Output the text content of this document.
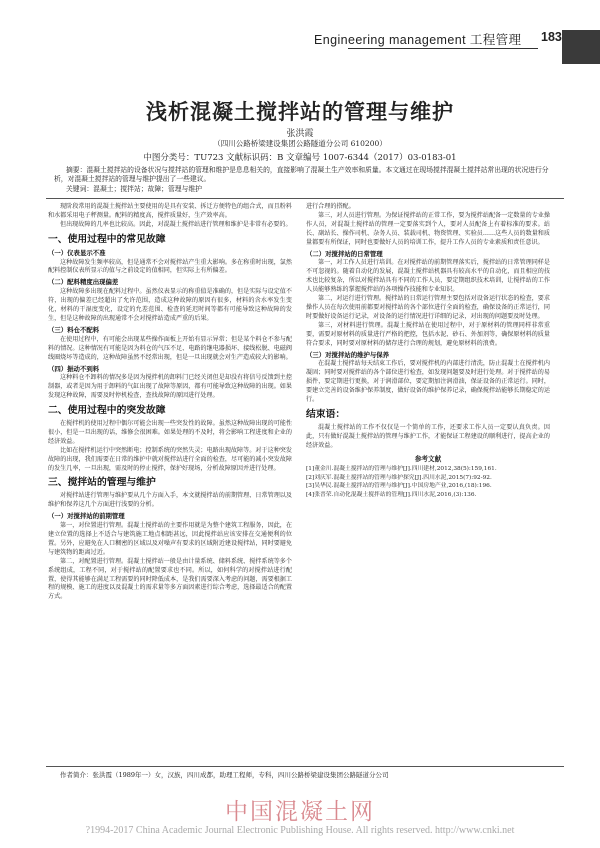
Engineering management 工程管理 183
浅析混凝土搅拌站的管理与维护
张洪霞
（四川公路桥梁建设集团公路隧道分公司 610200）
中图分类号：TU723 文献标识码：B 文章编号 1007-6344（2017）03-0183-01
摘要：混凝土搅拌站的设备状况与搅拌站的管理和维护是息息相关的，直接影响了混凝土生产效率和质量。本文通过在现场搅拌混凝土搅拌站常出现的状况进行分析，对混凝土搅拌站的管理与维护提出了一些建议。
关键词：混凝土；搅拌站；故障；管理与维护

现阶段常用的混凝土搅拌站主要使用的是具有安装、拆迁方便特色的组合式，而且粉料和水都采用电子秤测量。配料的精度高，搅拌质量好，生产效率高。

但出现故障的几率也比较高。因此，对混凝土搅拌站进行管理和维护是非常有必要的。

一、使用过程中的常见故障
（一）仪表显示不准

这种故障发生频率较高，但是通常不会对搅拌站产生重大影响。多在称重时出现，氯然配料控制仪表所显示的值与之前设定的值相同，但实际上有所偏差。

（二）配料精度出现偏差

这种故障多出现在配料过程中。虽然仪表显示的称重值是准确的，但是实际与设定值不符，出现的偏差已经超出了允许范围，造成这种故障的原因有很多，材料的含水率发生变化，材料的干湿度变化，设定的允差范围、检查的延迟时间等都有可能导致这种故障的发生，但是这种故障的出现通常不会对搅拌站造成严重的后果。

（三）料仓不配料

在使用过程中，有可能会出现某些操作面板上开始有显示异常；但是某个料仓不参与配料的情况。这种情况有可能是因为料仓的气压不足、电路的继电器损坏、接线松脱、电磁阀线圈烧坏等造成的，这种故障虽然不经常出现，但是一旦出现就会对生产造成较大的影响。

（四）振动不到料

这种料仓不卸料的情况多是因为搅拌机的卸料门已经关闭但是却没有将信号反馈到主控制器，或者是因为用于卸料的气缸出现了故障等原因，都有可能导致这种故障的出现。如果发现这种故障，需要及时停机检查，查找故障的原因进行处理。

二、使用过程中的突发故障

在搅拌机的使用过程中偶尔可能会出现一些突发性的故障。虽然这种故障出现的可能性很小，但是一旦出现的话，维修会很困难。如果处理的不及时，将会影响工程进度和企业的经济效益。

比如在搅拌机运行中突然断电；控制系统的突然失灵；电路出现故障等。对于这种突发故障的出现，我们需要在日常的维护中就对搅拌站进行全面的检查，尽可能的减小突发故障的发生几率，一旦出现，需及时的停止搅拌，保护好现场，分析故障原因并进行处理。

三、搅拌站的管理与维护

对搅拌站进行管理与维护要从几个方面入手，本文就搅拌站的前期管理、日常管理以及维护和保养这几个方面进行浅要的分析。

（一）对搅拌站的前期管理

第一，对位置进行管理。混凝土搅拌站的主要作用就是为整个建筑工程服务，因此，在建立位置的选择上不适合与建筑施工地点相距甚远，因此搅拌站应该安排在交通便利的位置。另外，应避免在人口稠密的区域以及对噪声有要求的区域附近建设搅拌站，同时要避免与建筑物的距离过近。

第二，对配置进行管理。混凝土搅拌站一般是由计量系统、储料系统、搅拌系统等多个系统组成，工程不同，对于搅拌站的配置要求也不同。所以，如何科学的对搅拌站进行配置，使得其能够在满足工程需要的同时降低成本，是我们需要深入考虑的问题，需要根据工程的规模、施工的进度以及混凝土的需求量等多方面因素进行综合考虑，选择最适合的配置方式。

进行合理的搭配。

第三，对人员进行管理。为保证搅拌站的正常工作，要为搅拌站配备一定数量的专业操作人员，对混凝土搅拌站的管理一定要落实到个人，要对人员配备上有着标准的要求。站长、副站长、操作司机、杂务人员、装载司机、物资管理、实验员……这些人员的数量和质量都要有所保证，同时也要做好人员的培训工作，提升工作人员的专业素质和责任意识。

（二）对搅拌站的日常管理

第一，对工作人员进行培训。在对搅拌站的前期管理落实后，搅拌站的日常管理同样是不可忽视的。随着自动化的发展，混凝土搅拌站机器具有较高水平的自动化，而且相应的技术也比较复杂，所以对搅拌站具有不同的工作人员，要定期组织技术培训，让搅拌站的工作人员能够熟练的掌握搅拌站的各项操作技能和专业知识。

第二，对运行进行管理。搅拌站的日常运行管理主要包括对设备运行状态的检查，要求操作人员在每次使用前都要对搅拌站的各个部位进行全面的检查，确保设备的正常运行，同时要做好设备运行记录，对设备的运行情况进行详细的记录，对出现的问题要及时处理。

第三，对材料进行管理。混凝土搅拌站在使用过程中，对于原材料的管理同样非常重要，需要对原材料的质量进行严格的把控，包括水泥、砂石、外加剂等，确保原材料的质量符合要求，同时要对原材料的储存进行合理的规划，避免原材料的浪费。

（三）对搅拌站的维护与保养

在混凝土搅拌站每天结束工作后，要对搅拌机的内部进行清洗，防止混凝土在搅拌机内凝固；同时要对搅拌站的各个部位进行检查，如发现问题要及时进行处理。对于搅拌站的易损件，要定期进行更换，对于润滑部位，要定期加注润滑油，保证设备的正常运行。同时，要建立完善的设备维护保养制度，做好设备的维护保养记录，确保搅拌站能够长期稳定的运行。

结束语：

混凝土搅拌站的工作不仅仅是一个简单的工作，还要求工作人员一定要认真负责。因此，只有做好混凝土搅拌站的管理与维护工作，才能保证工程建设的顺利进行，提高企业的经济效益。

参考文献

[1]董金川.混凝土搅拌站的管理与维护[J].四川建材,2012,38(5):159,161.

[2]刘庆军.混凝土搅拌站的管理与维护探究[J].四川水泥,2015(7):92-92.

[3]吴华民.混凝土搅拌站的管理与维护[J].中国房地产业,2016,(18):196.

[4]张晋荣.自动化混凝土搅拌站的管理[J].四川水泥,2016,(3):136.

作者简介：张洪霞（1989年一）女，汉族，四川成都，助理工程师，专科，四川公路桥梁建设集团公路隧道分公司
中国混凝土网
?1994-2017 China Academic Journal Electronic Publishing House. All rights reserved. http://www.cnki.net
